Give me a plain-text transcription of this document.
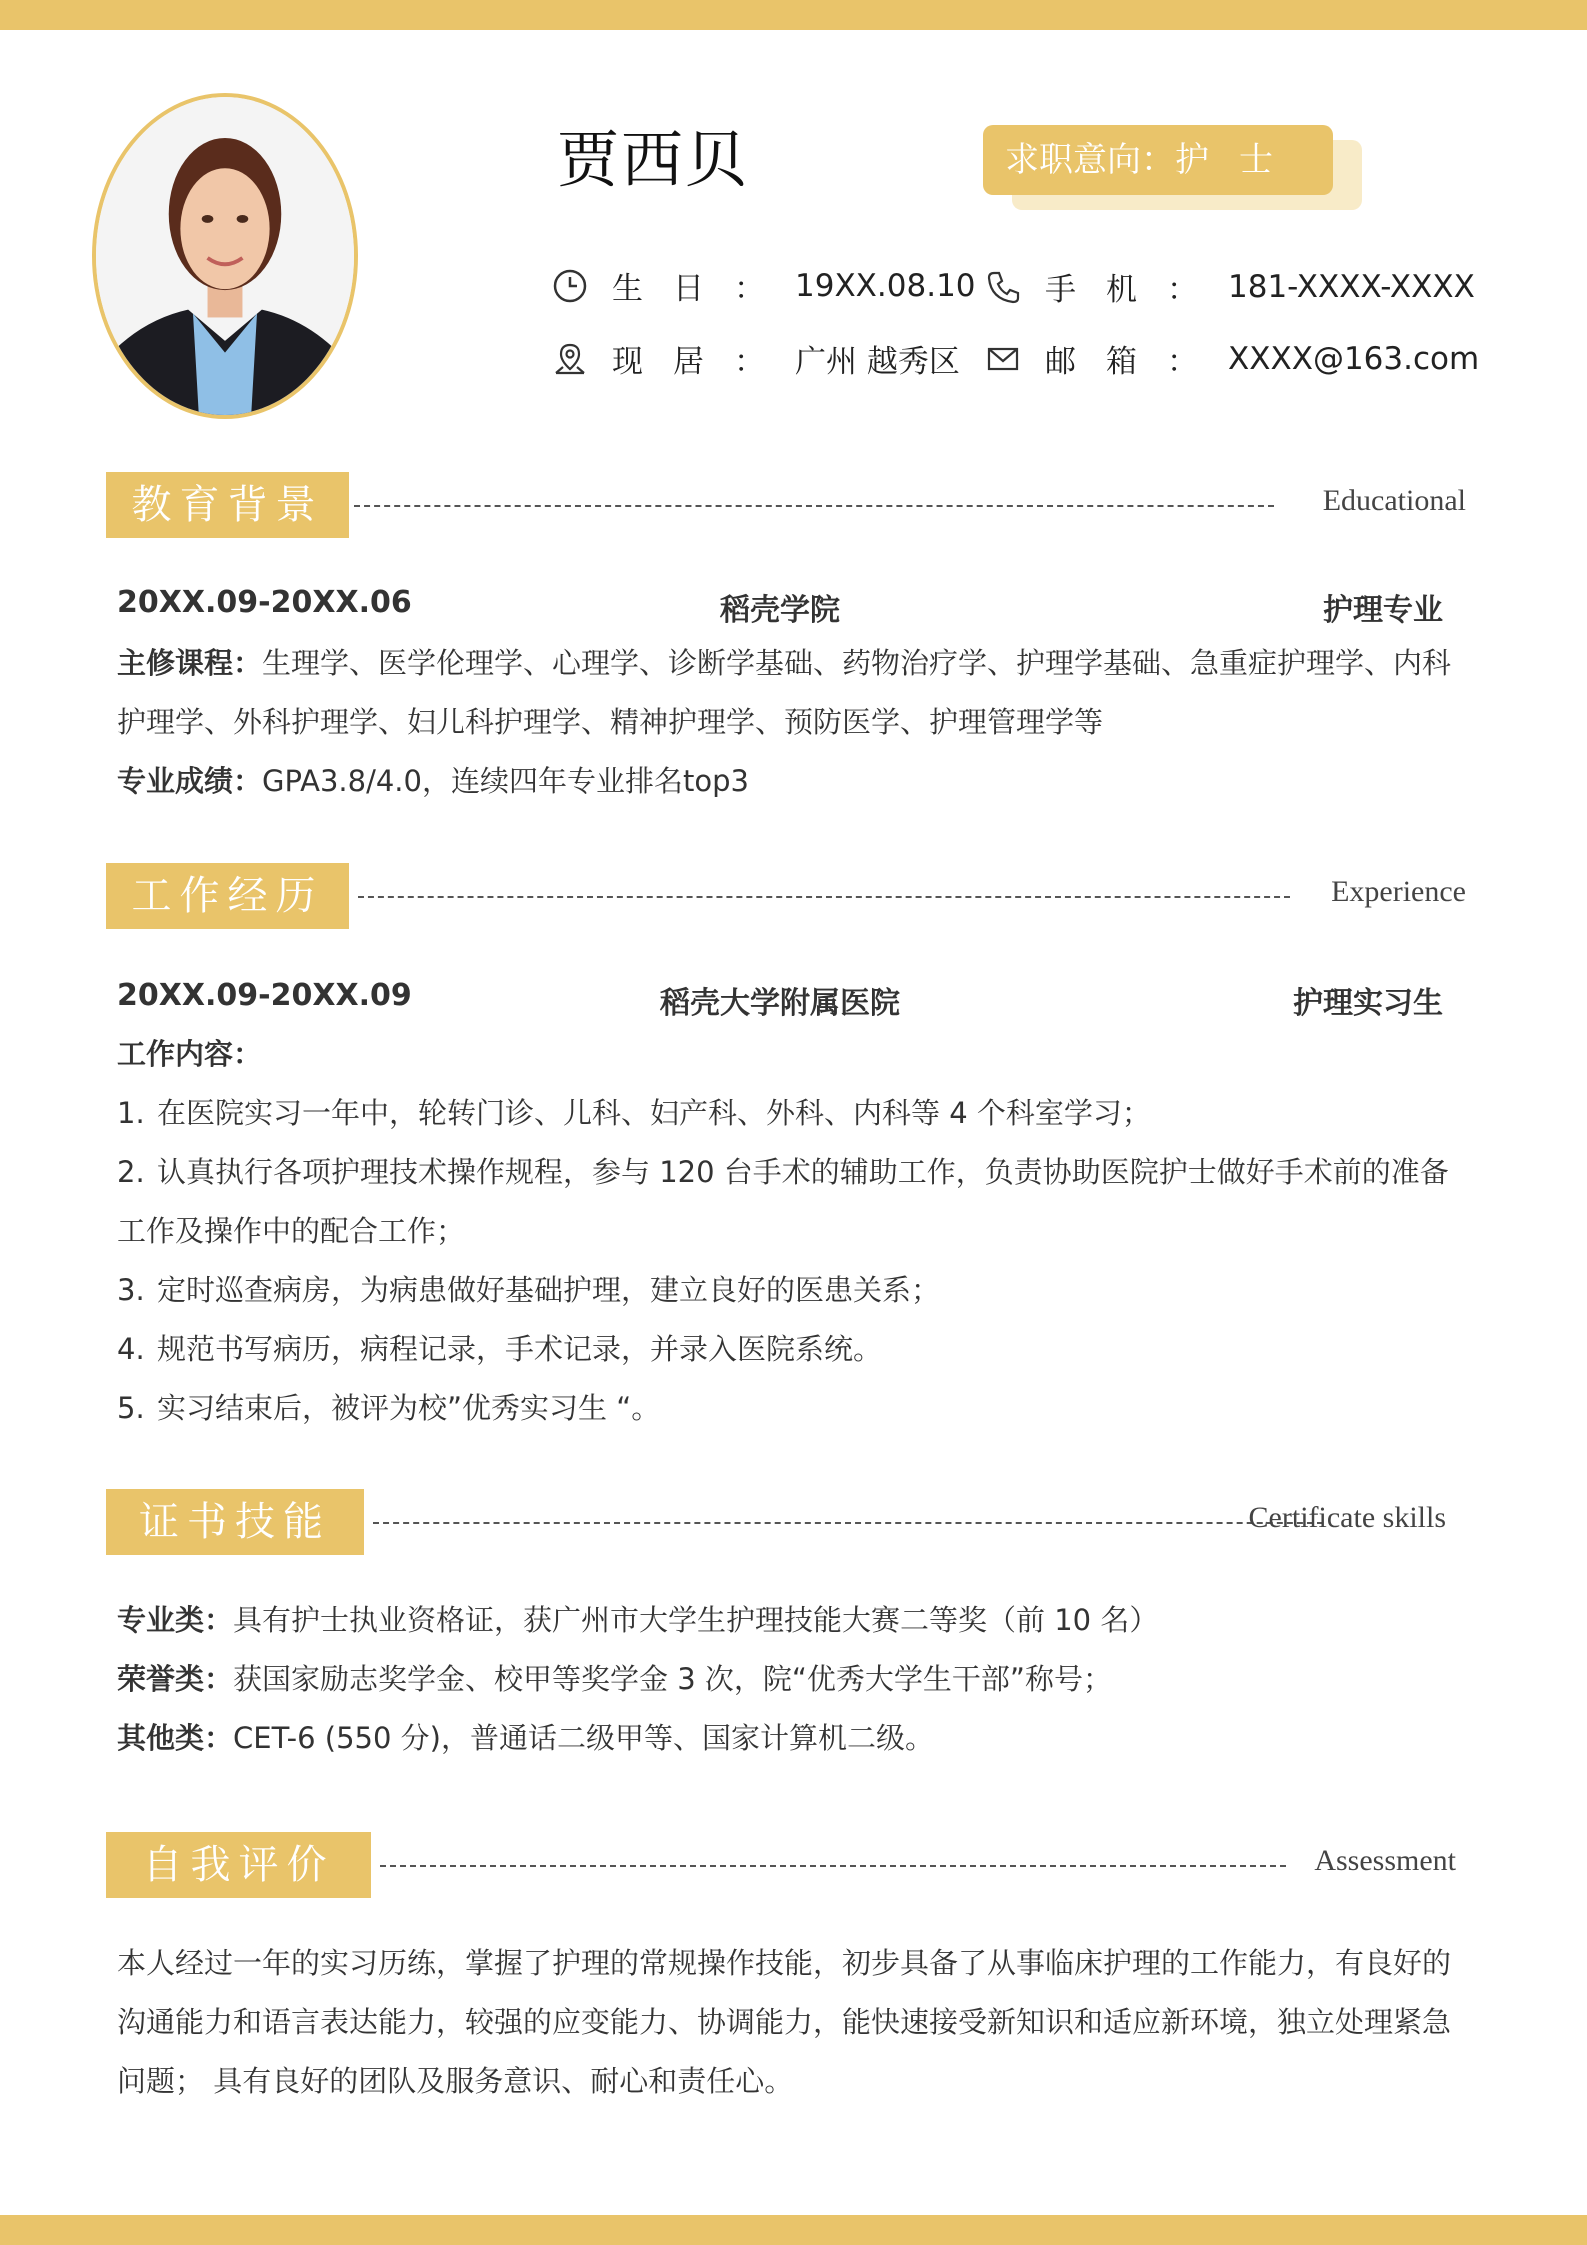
贾西贝	求职意向：护士
生日： 19XX.08.10 手机： 181-XXXX-XXXX
现居： 广州 越秀区	邮箱： XXXX@163.com
教育背景	Educational
20XX.09-20XX.06	稻壳学院	护理专业
主修课程：生理学、医学伦理学、心理学、诊断学基础、药物治疗学、护理学基础、急重症护理学、内科护理学、外科护理学、妇儿科护理学、精神护理学、预防医学、护理管理学等
专业成绩：GPA3.8/4.0，连续四年专业排名top3
工作经历	Experience
20XX.09-20XX.09	稻壳大学附属医院	护理实习生
工作内容：
1. 在医院实习一年中，轮转门诊、儿科、妇产科、外科、内科等 4 个科室学习；
2. 认真执行各项护理技术操作规程，参与 120 台手术的辅助工作，负责协助医院护士做好手术前的准备工作及操作中的配合工作；
3. 定时巡查病房，为病患做好基础护理，建立良好的医患关系；
4. 规范书写病历，病程记录，手术记录，并录入医院系统。
5. 实习结束后，被评为校”优秀实习生 “。
证书技能	Certificate skills
专业类：具有护士执业资格证，获广州市大学生护理技能大赛二等奖（前 10 名）
荣誉类：获国家励志奖学金、校甲等奖学金 3 次，院“优秀大学生干部”称号；
其他类：CET-6 (550 分)，普通话二级甲等、国家计算机二级。
自我评价	Assessment
本人经过一年的实习历练，掌握了护理的常规操作技能，初步具备了从事临床护理的工作能力，有良好的沟通能力和语言表达能力，较强的应变能力、协调能力，能快速接受新知识和适应新环境，独立处理紧急问题； 具有良好的团队及服务意识、耐心和责任心。
